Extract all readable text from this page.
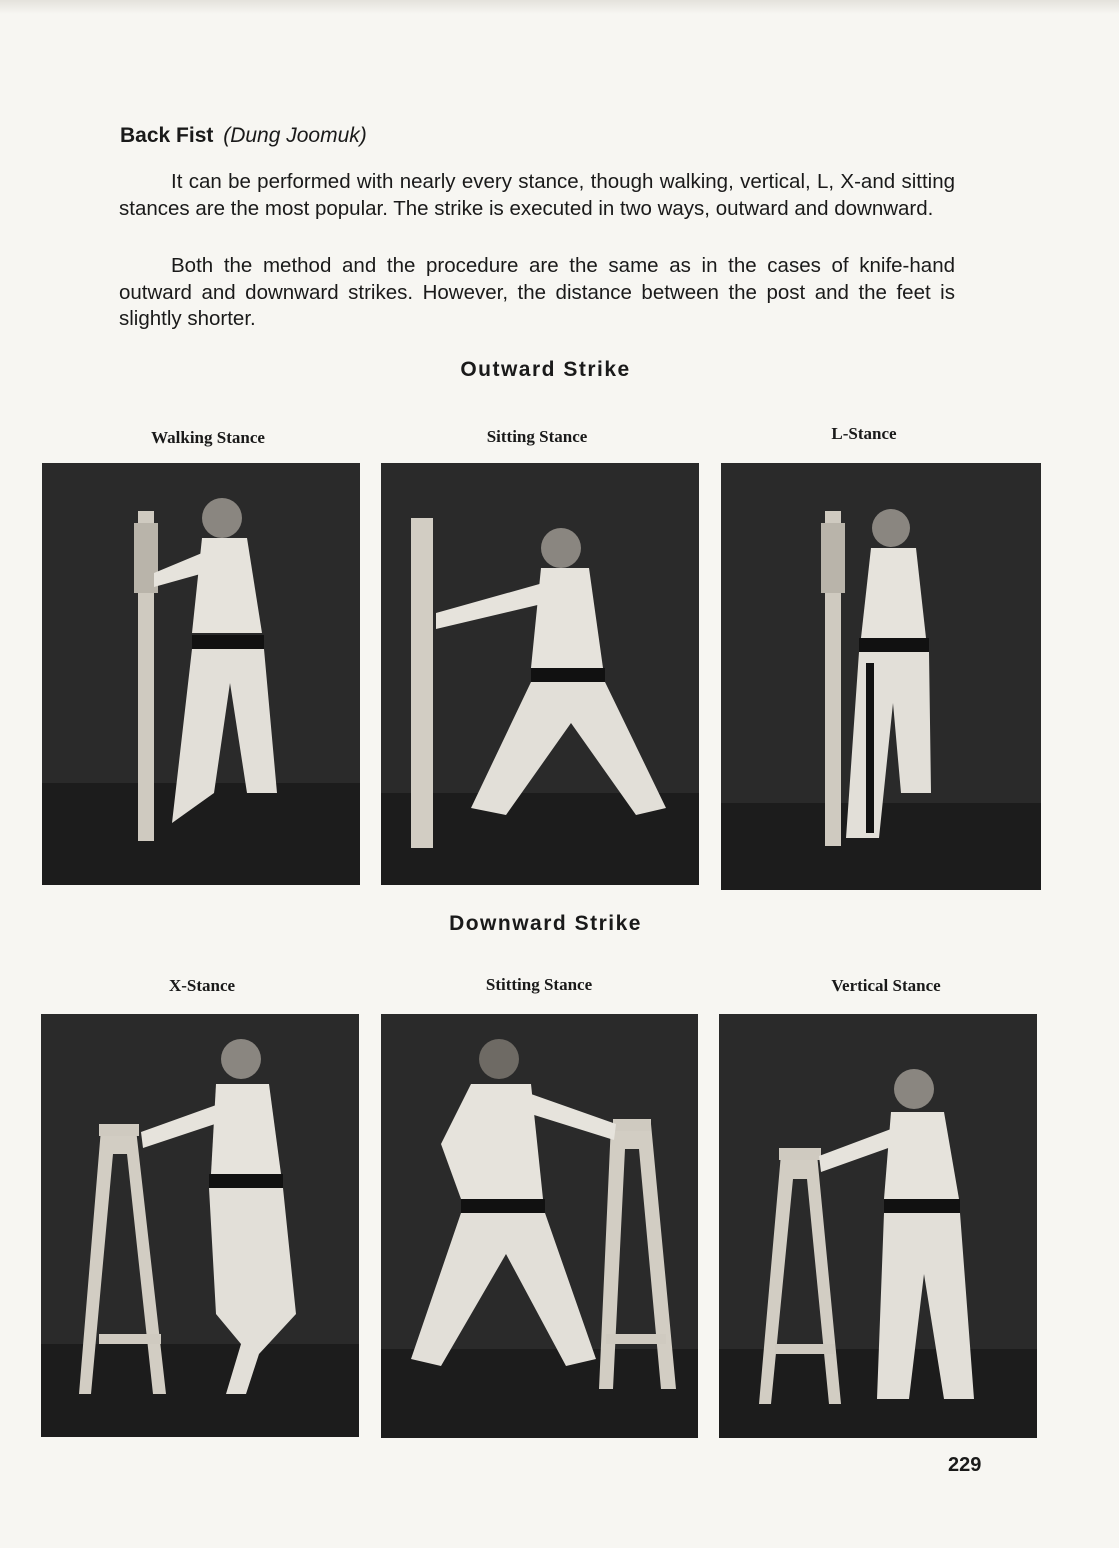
Back Fist (Dung Joomuk)

It can be performed with nearly every stance, though walking, vertical, L, X-and sitting stances are the most popular. The strike is executed in two ways, outward and downward.

Both the method and the procedure are the same as in the cases of knife-hand outward and downward strikes. However, the distance between the post and the feet is slightly shorter.

Outward Strike
Walking Stance	Sitting Stance	L-Stance
Downward Strike
X-Stance	Stitting Stance	Vertical Stance
229
